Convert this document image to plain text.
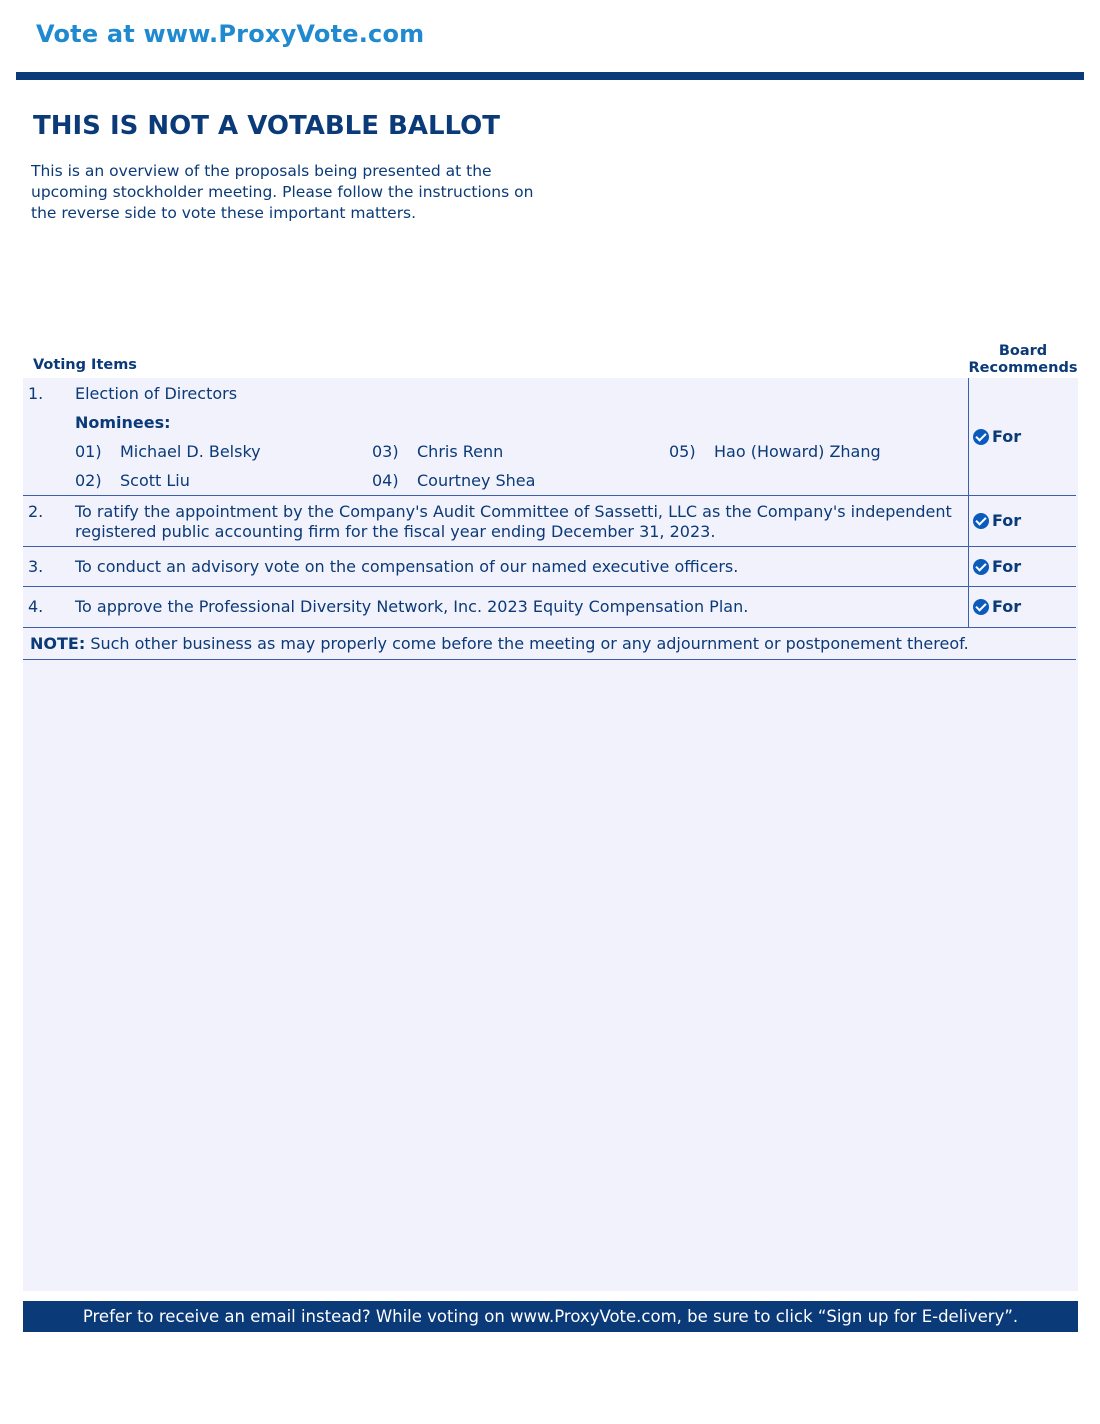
Vote at www.ProxyVote.com
THIS IS NOT A VOTABLE BALLOT
This is an overview of the proposals being presented at the upcoming stockholder meeting. Please follow the instructions on the reverse side to vote these important matters.
Voting Items
Board
Recommends
1. Election of Directors
Nominees:
01) Michael D. Belsky
02) Scott Liu
03) Chris Renn
04) Courtney Shea
05) Hao (Howard) Zhang
For
2. To ratify the appointment by the Company's Audit Committee of Sassetti, LLC as the Company's independent
registered public accounting firm for the fiscal year ending December 31, 2023.
For
3. To conduct an advisory vote on the compensation of our named executive officers.	For
4. To approve the Professional Diversity Network, Inc. 2023 Equity Compensation Plan.	For
NOTE: Such other business as may properly come before the meeting or any adjournment or postponement thereof.
Prefer to receive an email instead? While voting on www.ProxyVote.com, be sure to click “Sign up for E-delivery”.
